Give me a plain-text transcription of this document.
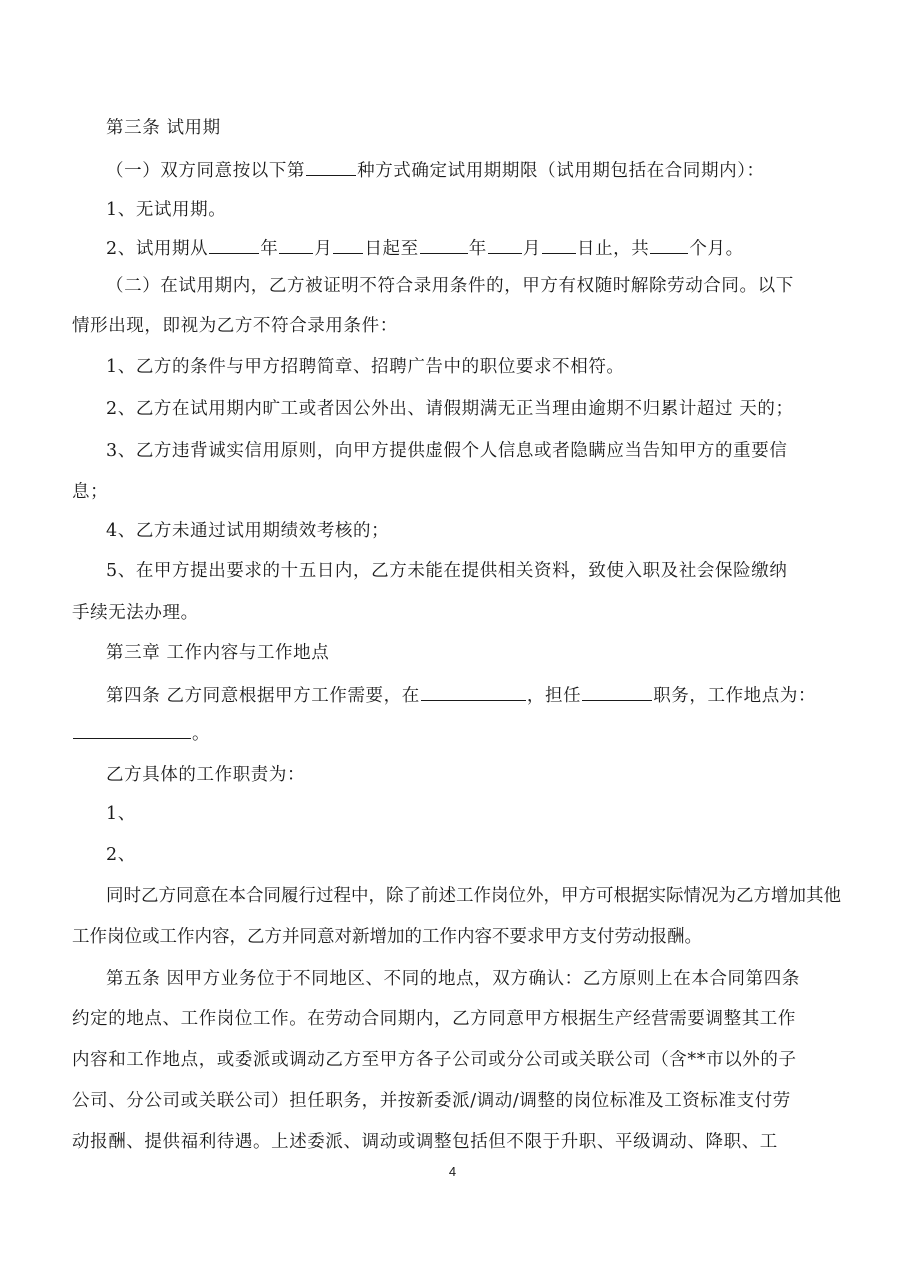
第三条 试用期
（一）双方同意按以下第	种方式确定试用期期限（试用期包括在合同期内）：
1、无试用期。
2、试用期从	年 月 日起至	年 月 日止，共 个月。
（二）在试用期内，乙方被证明不符合录用条件的，甲方有权随时解除劳动合同。以下
情形出现，即视为乙方不符合录用条件：
1、乙方的条件与甲方招聘简章、招聘广告中的职位要求不相符。
2、乙方在试用期内旷工或者因公外出、请假期满无正当理由逾期不归累计超过 天的；
3、乙方违背诚实信用原则，向甲方提供虚假个人信息或者隐瞒应当告知甲方的重要信
息；
4、乙方未通过试用期绩效考核的；
5、在甲方提出要求的十五日内，乙方未能在提供相关资料，致使入职及社会保险缴纳
手续无法办理。
第三章 工作内容与工作地点
第四条 乙方同意根据甲方工作需要，在	，担任	职务，工作地点为：
。
乙方具体的工作职责为：
1、
2、
同时乙方同意在本合同履行过程中，除了前述工作岗位外，甲方可根据实际情况为乙方增加其他
工作岗位或工作内容，乙方并同意对新增加的工作内容不要求甲方支付劳动报酬。
第五条 因甲方业务位于不同地区、不同的地点，双方确认：乙方原则上在本合同第四条
约定的地点、工作岗位工作。在劳动合同期内，乙方同意甲方根据生产经营需要调整其工作
内容和工作地点，或委派或调动乙方至甲方各子公司或分公司或关联公司（含**市以外的子
公司、分公司或关联公司）担任职务，并按新委派/调动/调整的岗位标准及工资标准支付劳
动报酬、提供福利待遇。上述委派、调动或调整包括但不限于升职、平级调动、降职、工
4
